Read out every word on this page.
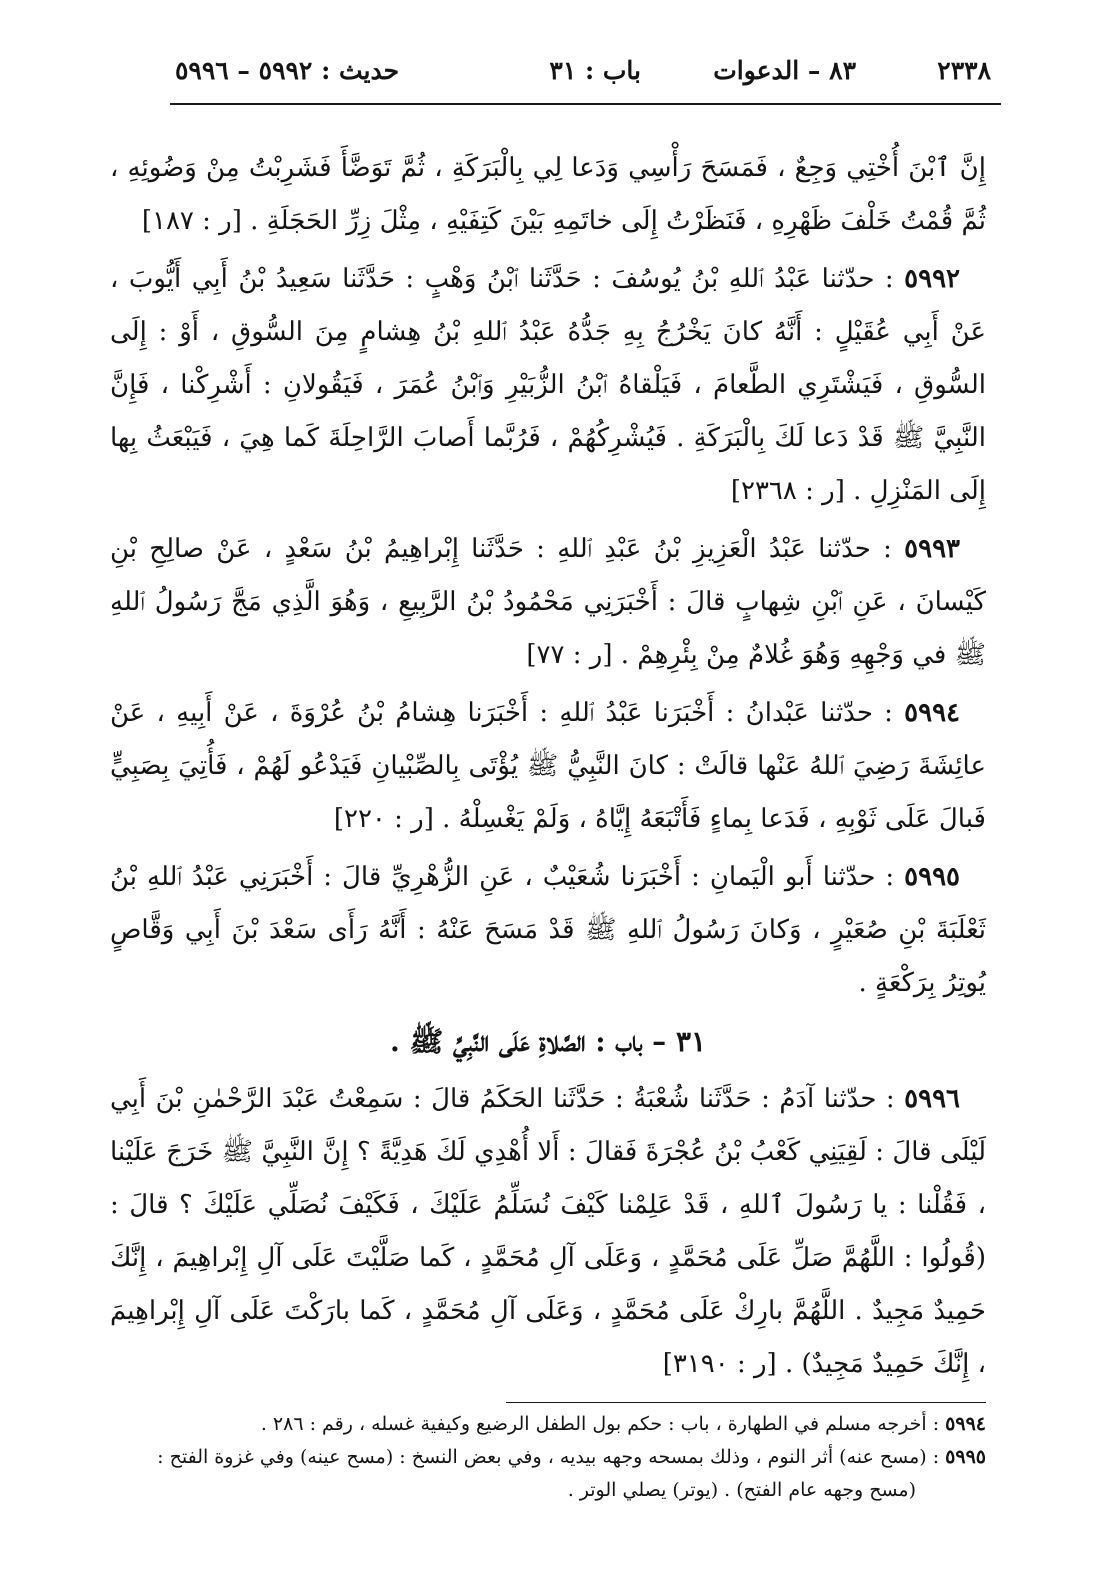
٢٣٣٨
٨٣ – الدعوات
باب : ٣١
حديث : ٥٩٩٢ – ٥٩٩٦

إِنَّ ٱبْنَ أُخْتِي وَجِعٌ ، فَمَسَحَ رَأْسِي وَدَعا لِي بِالْبَرَكَةِ ، ثُمَّ تَوَضَّأَ فَشَرِبْتُ مِنْ وَضُوئِهِ ، ثُمَّ قُمْتُ خَلْفَ ظَهْرِهِ ، فَنَظَرْتُ إِلَى خاتَمِهِ بَيْنَ كَتِفَيْهِ ، مِثْلَ زِرِّ الحَجَلَةِ . [ر : ١٨٧]

٥٩٩٢ : حدّثنا عَبْدُ ٱللهِ بْنُ يُوسُفَ : حَدَّثَنا ٱبْنُ وَهْبٍ : حَدَّثَنا سَعِيدُ بْنُ أَبِي أَيُّوبَ ، عَنْ أَبِي عُقَيْلٍ : أَنَّهُ كانَ يَخْرُجُ بِهِ جَدُّهُ عَبْدُ ٱللهِ بْنُ هِشامٍ مِنَ السُّوقِ ، أَوْ : إِلَى السُّوقِ ، فَيَشْتَرِي الطَّعامَ ، فَيَلْقاهُ ٱبْنُ الزُّبَيْرِ وَٱبْنُ عُمَرَ ، فَيَقُولانِ : أَشْرِكْنا ، فَإِنَّ النَّبِيَّ ﷺ قَدْ دَعا لَكَ بِالْبَرَكَةِ . فَيُشْرِكُهُمْ ، فَرُبَّما أَصابَ الرَّاحِلَةَ كَما هِيَ ، فَيَبْعَثُ بِها إِلَى المَنْزِلِ . [ر : ٢٣٦٨]

٥٩٩٣ : حدّثنا عَبْدُ الْعَزِيزِ بْنُ عَبْدِ ٱللهِ : حَدَّثَنا إِبْراهِيمُ بْنُ سَعْدٍ ، عَنْ صالِحِ بْنِ كَيْسانَ ، عَنِ ٱبْنِ شِهابٍ قالَ : أَخْبَرَنِي مَحْمُودُ بْنُ الرَّبِيعِ ، وَهُوَ الَّذِي مَجَّ رَسُولُ ٱللهِ ﷺ في وَجْهِهِ وَهُوَ غُلامٌ مِنْ بِئْرِهِمْ . [ر : ٧٧]

٥٩٩٤ : حدّثنا عَبْدانُ : أَخْبَرَنا عَبْدُ ٱللهِ : أَخْبَرَنا هِشامُ بْنُ عُرْوَةَ ، عَنْ أَبِيهِ ، عَنْ عائِشَةَ رَضِيَ ٱللهُ عَنْها قالَتْ : كانَ النَّبِيُّ ﷺ يُؤْتَى بِالصِّبْيانِ فَيَدْعُو لَهُمْ ، فَأُتِيَ بِصَبِيٍّ فَبالَ عَلَى ثَوْبِهِ ، فَدَعا بِماءٍ فَأَتْبَعَهُ إِيَّاهُ ، وَلَمْ يَغْسِلْهُ . [ر : ٢٢٠]

٥٩٩٥ : حدّثنا أَبو الْيَمانِ : أَخْبَرَنا شُعَيْبٌ ، عَنِ الزُّهْرِيِّ قالَ : أَخْبَرَنِي عَبْدُ ٱللهِ بْنُ ثَعْلَبَةَ بْنِ صُعَيْرٍ ، وَكانَ رَسُولُ ٱللهِ ﷺ قَدْ مَسَحَ عَنْهُ : أَنَّهُ رَأَى سَعْدَ بْنَ أَبِي وَقَّاصٍ يُوتِرُ بِرَكْعَةٍ .

٣١ – باب : الصَّلاةِ عَلَى النَّبِيِّ ﷺ .

٥٩٩٦ : حدّثنا آدَمُ : حَدَّثَنا شُعْبَةُ : حَدَّثَنا الحَكَمُ قالَ : سَمِعْتُ عَبْدَ الرَّحْمٰنِ بْنَ أَبِي لَيْلَى قالَ : لَقِيَنِي كَعْبُ بْنُ عُجْرَةَ فَقالَ : أَلا أُهْدِي لَكَ هَدِيَّةً ؟ إِنَّ النَّبِيَّ ﷺ خَرَجَ عَلَيْنا ، فَقُلْنا : يا رَسُولَ ٱللهِ ، قَدْ عَلِمْنا كَيْفَ نُسَلِّمُ عَلَيْكَ ، فَكَيْفَ نُصَلِّي عَلَيْكَ ؟ قالَ : (قُولُوا : اللَّهُمَّ صَلِّ عَلَى مُحَمَّدٍ ، وَعَلَى آلِ مُحَمَّدٍ ، كَما صَلَّيْتَ عَلَى آلِ إِبْراهِيمَ ، إِنَّكَ حَمِيدٌ مَجِيدٌ . اللَّهُمَّ بارِكْ عَلَى مُحَمَّدٍ ، وَعَلَى آلِ مُحَمَّدٍ ، كَما بارَكْتَ عَلَى آلِ إِبْراهِيمَ ، إِنَّكَ حَمِيدٌ مَجِيدٌ) . [ر : ٣١٩٠]

٥٩٩٤ : أخرجه مسلم في الطهارة ، باب : حكم بول الطفل الرضيع وكيفية غسله ، رقم : ٢٨٦ .

٥٩٩٥ : (مسح عنه) أثر النوم ، وذلك بمسحه وجهه بيديه ، وفي بعض النسخ : (مسح عينه) وفي غزوة الفتح :

(مسح وجهه عام الفتح) . (يوتر) يصلي الوتر .
